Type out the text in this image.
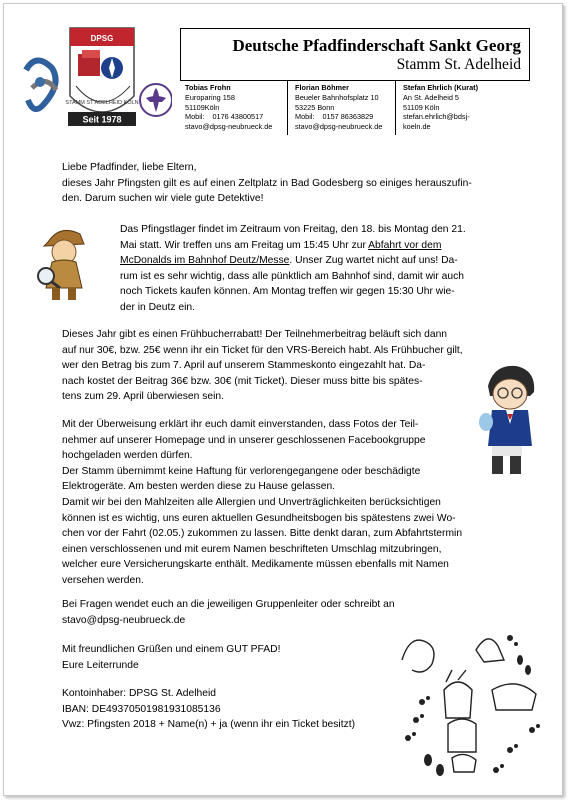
DPSG
STAMM ST ADELHEID KÖLN
Seit 1978
Deutsche Pfadfinderschaft Sankt Georg
Stamm St. Adelheid
Tobias Frohn
Europaring 158
51109Köln
Mobil: 0176 43800517
stavo@dpsg-neubrueck.de
Florian Böhmer
Beueler Bahnhofsplatz 10
53225 Bonn
Mobil: 0157 86363829
stavo@dpsg-neubrueck.de
Stefan Ehrlich (Kurat)
An St. Adelheid 5
51109 Köln
stefan.ehrlich@bdsj-
koeln.de
Liebe Pfadfinder, liebe Eltern,
dieses Jahr Pfingsten gilt es auf einen Zeltplatz in Bad Godesberg so einiges herauszufin-
den. Darum suchen wir viele gute Detektive!
Das Pfingstlager findet im Zeitraum von Freitag, den 18. bis Montag den 21.
Mai statt. Wir treffen uns am Freitag um 15:45 Uhr zur Abfahrt vor dem
McDonalds im Bahnhof Deutz/Messe. Unser Zug wartet nicht auf uns! Da-
rum ist es sehr wichtig, dass alle pünktlich am Bahnhof sind, damit wir auch
noch Tickets kaufen können. Am Montag treffen wir gegen 15:30 Uhr wie-
der in Deutz ein.
Dieses Jahr gibt es einen Frühbucherrabatt! Der Teilnehmerbeitrag beläuft sich dann
auf nur 30€, bzw. 25€ wenn ihr ein Ticket für den VRS-Bereich habt. Als Frühbucher gilt,
wer den Betrag bis zum 7. April auf unserem Stammeskonto eingezahlt hat. Da-
nach kostet der Beitrag 36€ bzw. 30€ (mit Ticket). Dieser muss bitte bis spätes-
tens zum 29. April überwiesen sein.
Mit der Überweisung erklärt ihr euch damit einverstanden, dass Fotos der Teil-
nehmer auf unserer Homepage und in unserer geschlossenen Facebookgruppe
hochgeladen werden dürfen.
Der Stamm übernimmt keine Haftung für verlorengegangene oder beschädigte
Elektrogeräte. Am besten werden diese zu Hause gelassen.
Damit wir bei den Mahlzeiten alle Allergien und Unverträglichkeiten berücksichtigen
können ist es wichtig, uns euren aktuellen Gesundheitsbogen bis spätestens zwei Wo-
chen vor der Fahrt (02.05.) zukommen zu lassen. Bitte denkt daran, zum Abfahrtstermin
einen verschlossenen und mit eurem Namen beschrifteten Umschlag mitzubringen,
welcher eure Versicherungskarte enthält. Medikamente müssen ebenfalls mit Namen
versehen werden.
Bei Fragen wendet euch an die jeweiligen Gruppenleiter oder schreibt an
stavo@dpsg-neubrueck.de
Mit freundlichen Grüßen und einem GUT PFAD!
Eure Leiterrunde
Kontoinhaber: DPSG St. Adelheid
IBAN: DE49370501981931085136
Vwz: Pfingsten 2018 + Name(n) + ja (wenn ihr ein Ticket besitzt)
